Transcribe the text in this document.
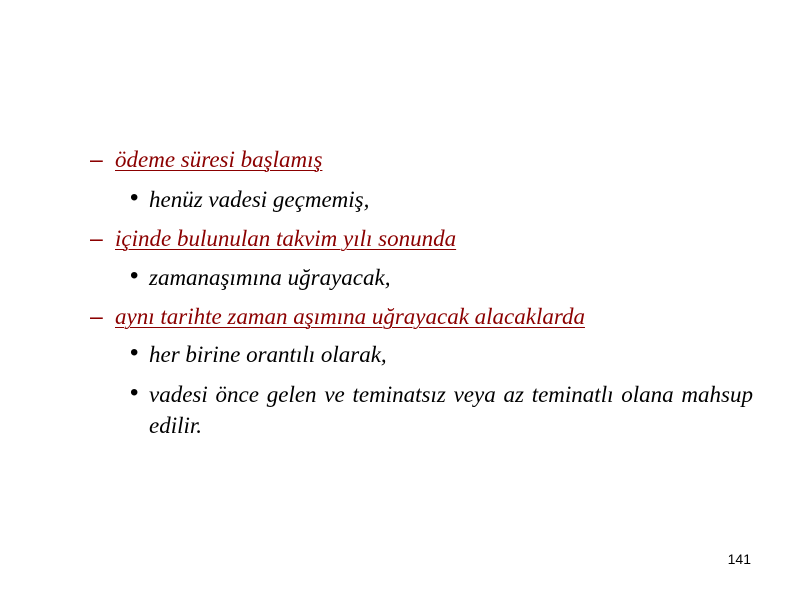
– ödeme süresi başlamış
• henüz vadesi geçmemiş,
– içinde bulunulan takvim yılı sonunda
• zamanaşımına uğrayacak,
– aynı tarihte zaman aşımına uğrayacak alacaklarda
• her birine orantılı olarak,
• vadesi önce gelen ve teminatsız veya az teminatlı olana mahsup edilir.
141
